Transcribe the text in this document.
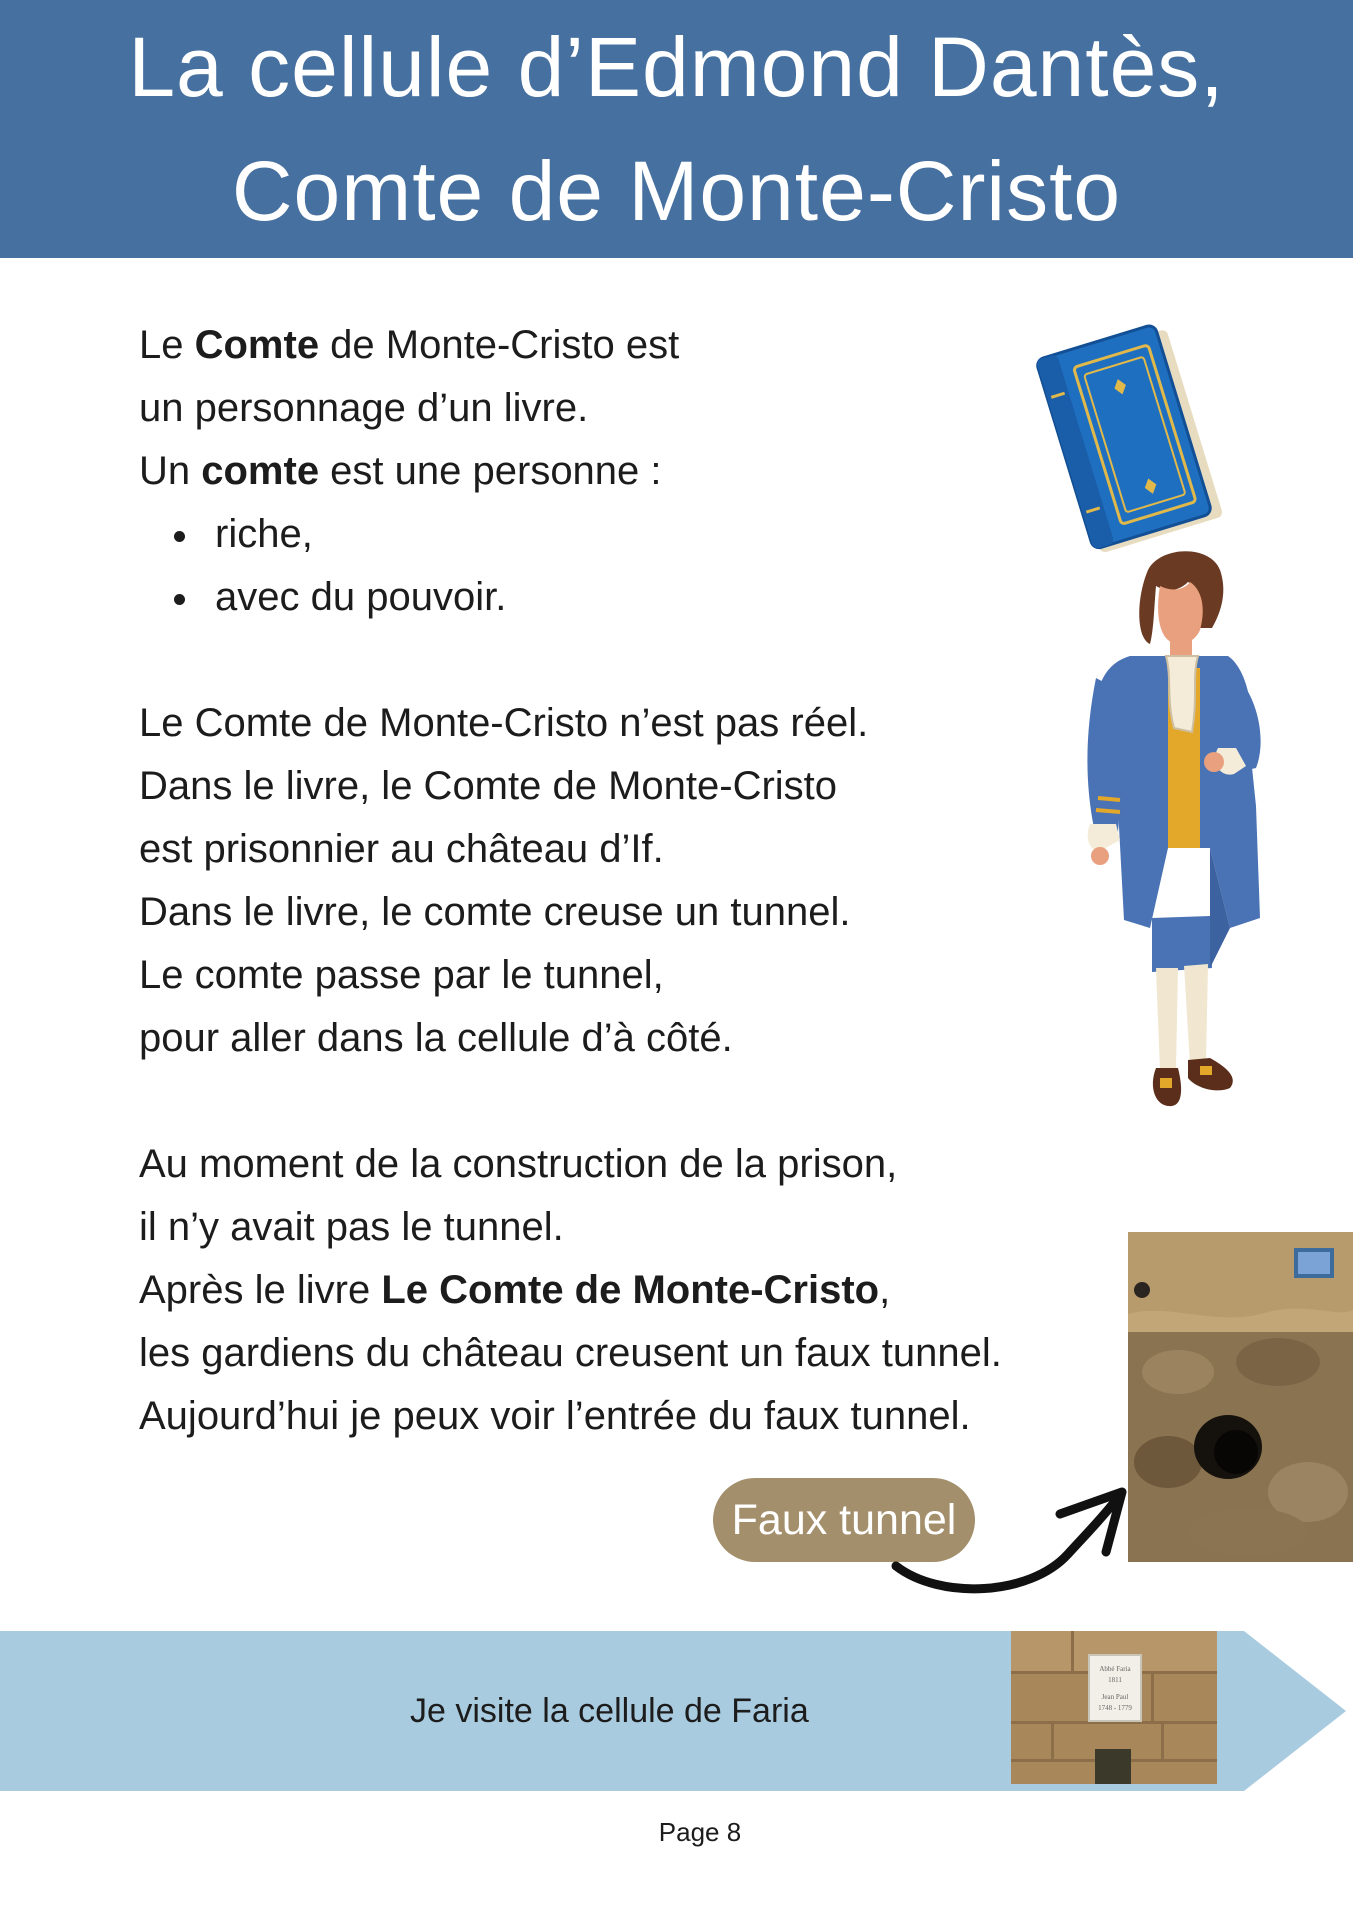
La cellule d’Edmond Dantès,
Comte de Monte-Cristo

Le Comte de Monte-Cristo est

un personnage d’un livre.

Un comte est une personne :

riche,
avec du pouvoir.

Le Comte de Monte-Cristo n’est pas réel.

Dans le livre, le Comte de Monte-Cristo

est prisonnier au château d’If.

Dans le livre, le comte creuse un tunnel.

Le comte passe par le tunnel,

pour aller dans la cellule d’à côté.

Au moment de la construction de la prison,

il n’y avait pas le tunnel.

Après le livre Le Comte de Monte-Cristo,

les gardiens du château creusent un faux tunnel.

Aujourd’hui je peux voir l’entrée du faux tunnel.

Faux tunnel
Je visite la cellule de Faria
Abbé Faria
1811
Jean Paul
1748 - 1779
Page 8
